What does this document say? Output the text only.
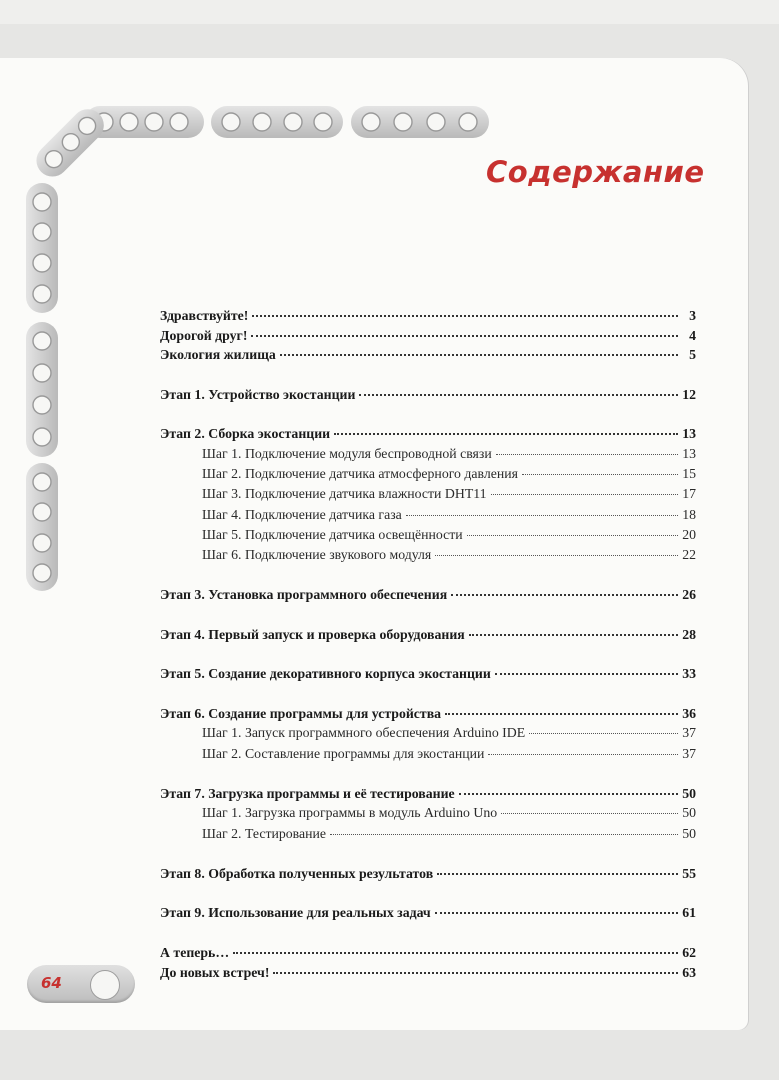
Содержание
Здравствуйте!	3
Дорогой друг!	4
Экология жилища	5
Этап 1. Устройство экостанции	12
Этап 2. Сборка экостанции	13
Шаг 1. Подключение модуля беспроводной связи	13
Шаг 2. Подключение датчика атмосферного давления	15
Шаг 3. Подключение датчика влажности DHT11	17
Шаг 4. Подключение датчика газа	18
Шаг 5. Подключение датчика освещённости	20
Шаг 6. Подключение звукового модуля	22
Этап 3. Установка программного обеспечения	26
Этап 4. Первый запуск и проверка оборудования	28
Этап 5. Создание декоративного корпуса экостанции	33
Этап 6. Создание программы для устройства	36
Шаг 1. Запуск программного обеспечения Arduino IDE	37
Шаг 2. Составление программы для экостанции	37
Этап 7. Загрузка программы и её тестирование	50
Шаг 1. Загрузка программы в модуль Arduino Uno	50
Шаг 2. Тестирование	50
Этап 8. Обработка полученных результатов	55
Этап 9. Использование для реальных задач	61
А теперь…	62
До новых встреч!	63
64
